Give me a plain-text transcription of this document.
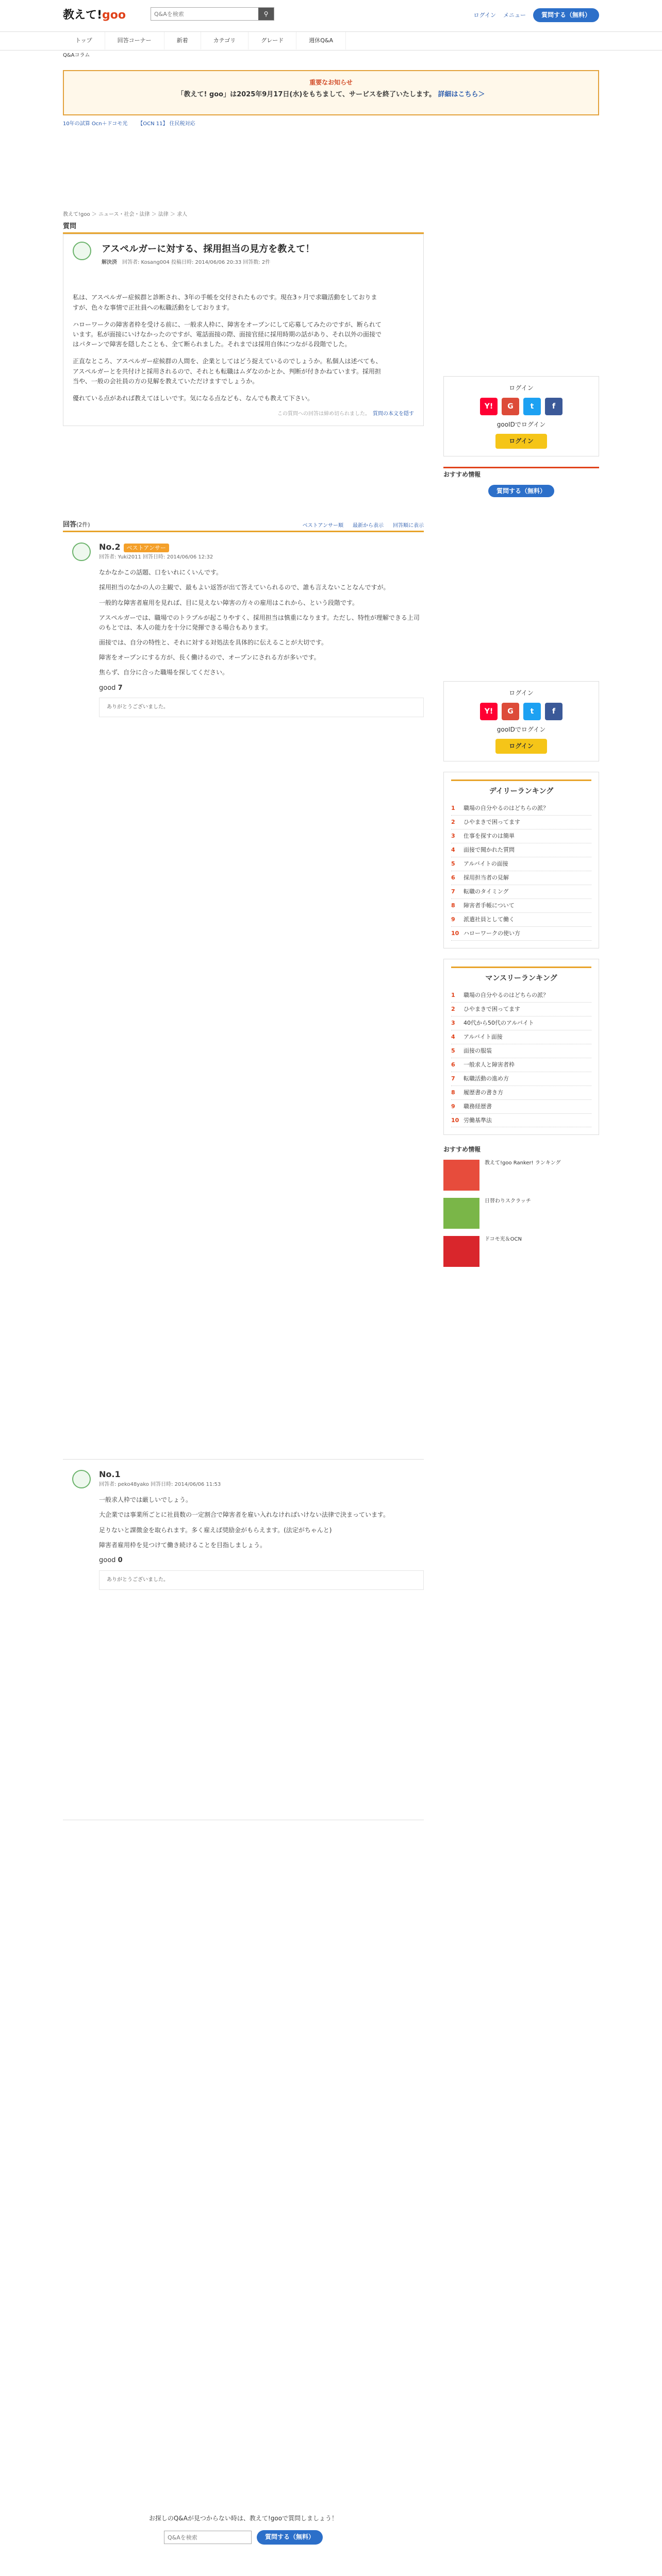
教えて!goo
Q&Aを検索	⚲	ログイン メニュー	質問する（無料）
トップ	回答コーナー	新着	カテゴリ	グレード	週休Q&A
Q&Aコラム
重要なお知らせ
「教えて! goo」は2025年9月17日(水)をもちまして、サービスを終了いたします。 詳細はこちら＞
10年の試算 Ocn＋ドコモ光 【OCN 11】 住民税対応
教えて!goo ＞ ニュース・社会・法律 ＞ 法律 ＞ 求人
質問
アスペルガーに対する、採用担当の見方を教えて！
解決済　 回答者: Kosang004 投稿日時: 2014/06/06 20:33 回答数: 2件

私は、アスペルガー症候群と診断され、3年の手帳を交付されたものです。現在3ヶ月で求職活動をしておりますが、色々な事情で正社員への転職活動をしております。

ハローワークの障害者枠を受ける前に、一般求人枠に、障害をオープンにして応募してみたのですが、断られています。私が面接にいけなかったのですが、電話面接の際、面接官経に採用時期の話があり、それ以外の面接ではパターンで障害を隠したことも、全て断られました。それまでは採用自体につながる段階でした。

正直なところ、アスペルガー症候群の人間を、企業としてはどう捉えているのでしょうか。私個人は述べても、アスペルガーとを共付けと採用されるので、それとも転職はムダなのかとか、判断が付きかねています。採用担当や、一般の会社員の方の見解を教えていただけますでしょうか。

優れている点があれば教えてほしいです。気になる点なども、なんでも教えて下さい。

この質問への回答は締め切られました。　 質問の本文を隠す
回答(2件)	ベストアンサー順 最新から表示 回答順に表示
No.2 ベストアンサー
回答者: Yuki2011 回答日時: 2014/06/06 12:32

なかなかこの話題、口をいれにくいんです。

採用担当のなかの人の主観で、最もよい返答が出て答えていられるので、誰も言えないことなんですが。

一般的な障害者雇用を見れば、目に見えない障害の方々の雇用はこれから、という段階です。

アスペルガーでは、職場でのトラブルが起こりやすく、採用担当は慎重になります。ただし、特性が理解できる上司のもとでは、本人の能力を十分に発揮できる場合もあります。

面接では、自分の特性と、それに対する対処法を具体的に伝えることが大切です。

障害をオープンにする方が、長く働けるので、オープンにされる方が多いです。

焦らず、自分に合った職場を探してください。

good 7
ありがとうございました。
No.1
回答者: peko48yako 回答日時: 2014/06/06 11:53

一般求人枠では厳しいでしょう。

大企業では事業所ごとに社員数の一定割合で障害者を雇い入れなければいけない法律で決まっています。

足りないと課徴金を取られます。多く雇えば奨励金がもらえます。(法定がちゃんと)

障害者雇用枠を見つけて働き続けることを目指しましょう。

good 0
ありがとうございました。
ログイン
Y!	G	t	f
gooIDでログイン
ログイン
おすすめ情報
質問する（無料）
ログイン
Y!	G	t	f
gooIDでログイン
ログイン
デイリーランキング
1	職場の自分やるのはどちらの派？
2	ひやまきで困ってます
3	仕事を探すのは簡単
4	面接で聞かれた質問
5	アルバイトの面接
6	採用担当者の見解
7	転職のタイミング
8	障害者手帳について
9	派遣社員として働く
10 ハローワークの使い方
マンスリーランキング
1	職場の自分やるのはどちらの派？
2	ひやまきで困ってます
3	40代から50代のアルバイト
4	アルバイト面接
5	面接の服装
6	一般求人と障害者枠
7	転職活動の進め方
8	履歴書の書き方
9	職務経歴書
10 労働基準法
おすすめ情報
教えて!goo Ranker! ランキング
日替わりスクラッチ
ドコモ光＆OCN
お探しのQ&Aが見つからない時は、教えて!gooで質問しましょう！
Q&Aを検索
質問する（無料）
